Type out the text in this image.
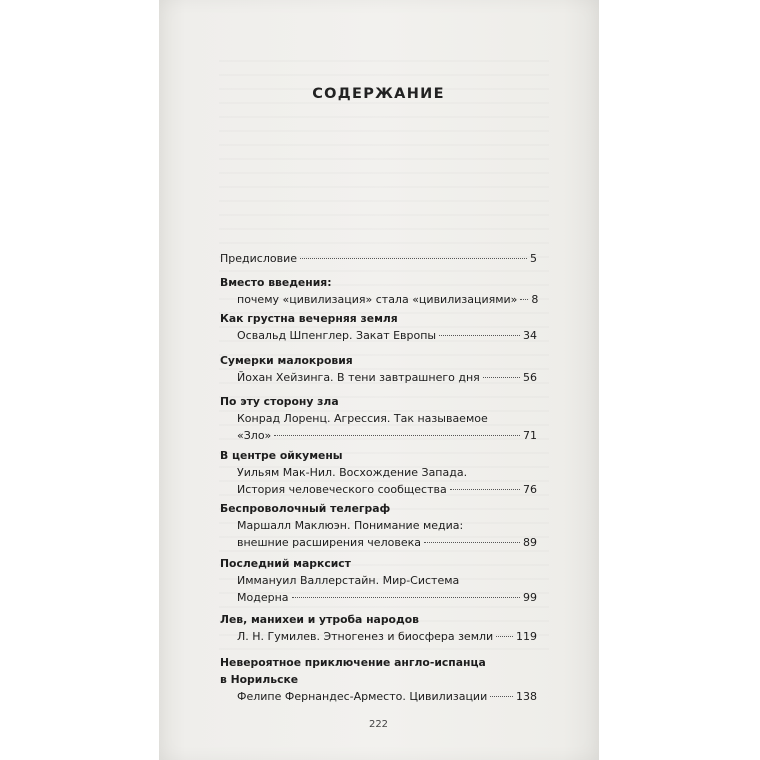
СОДЕРЖАНИЕ
Предисловие	5
Вместо введения:
почему «цивилизация» стала «цивилизациями» 8
Как грустна вечерняя земля
Освальд Шпенглер. Закат Европы	34
Сумерки малокровия
Йохан Хейзинга. В тени завтрашнего дня	56
По эту сторону зла
Конрад Лоренц. Агрессия. Так называемое
«Зло»	71
В центре ойкумены
Уильям Мак-Нил. Восхождение Запада.
История человеческого сообщества	76
Беспроволочный телеграф
Маршалл Маклюэн. Понимание медиа:
внешние расширения человека	89
Последний марксист
Иммануил Валлерстайн. Мир-Система
Модерна	99
Лев, манихеи и утроба народов
Л. Н. Гумилев. Этногенез и биосфера земли 119
Невероятное приключение англо-испанца
в Норильске
Фелипе Фернандес-Арместо. Цивилизации	138
222
